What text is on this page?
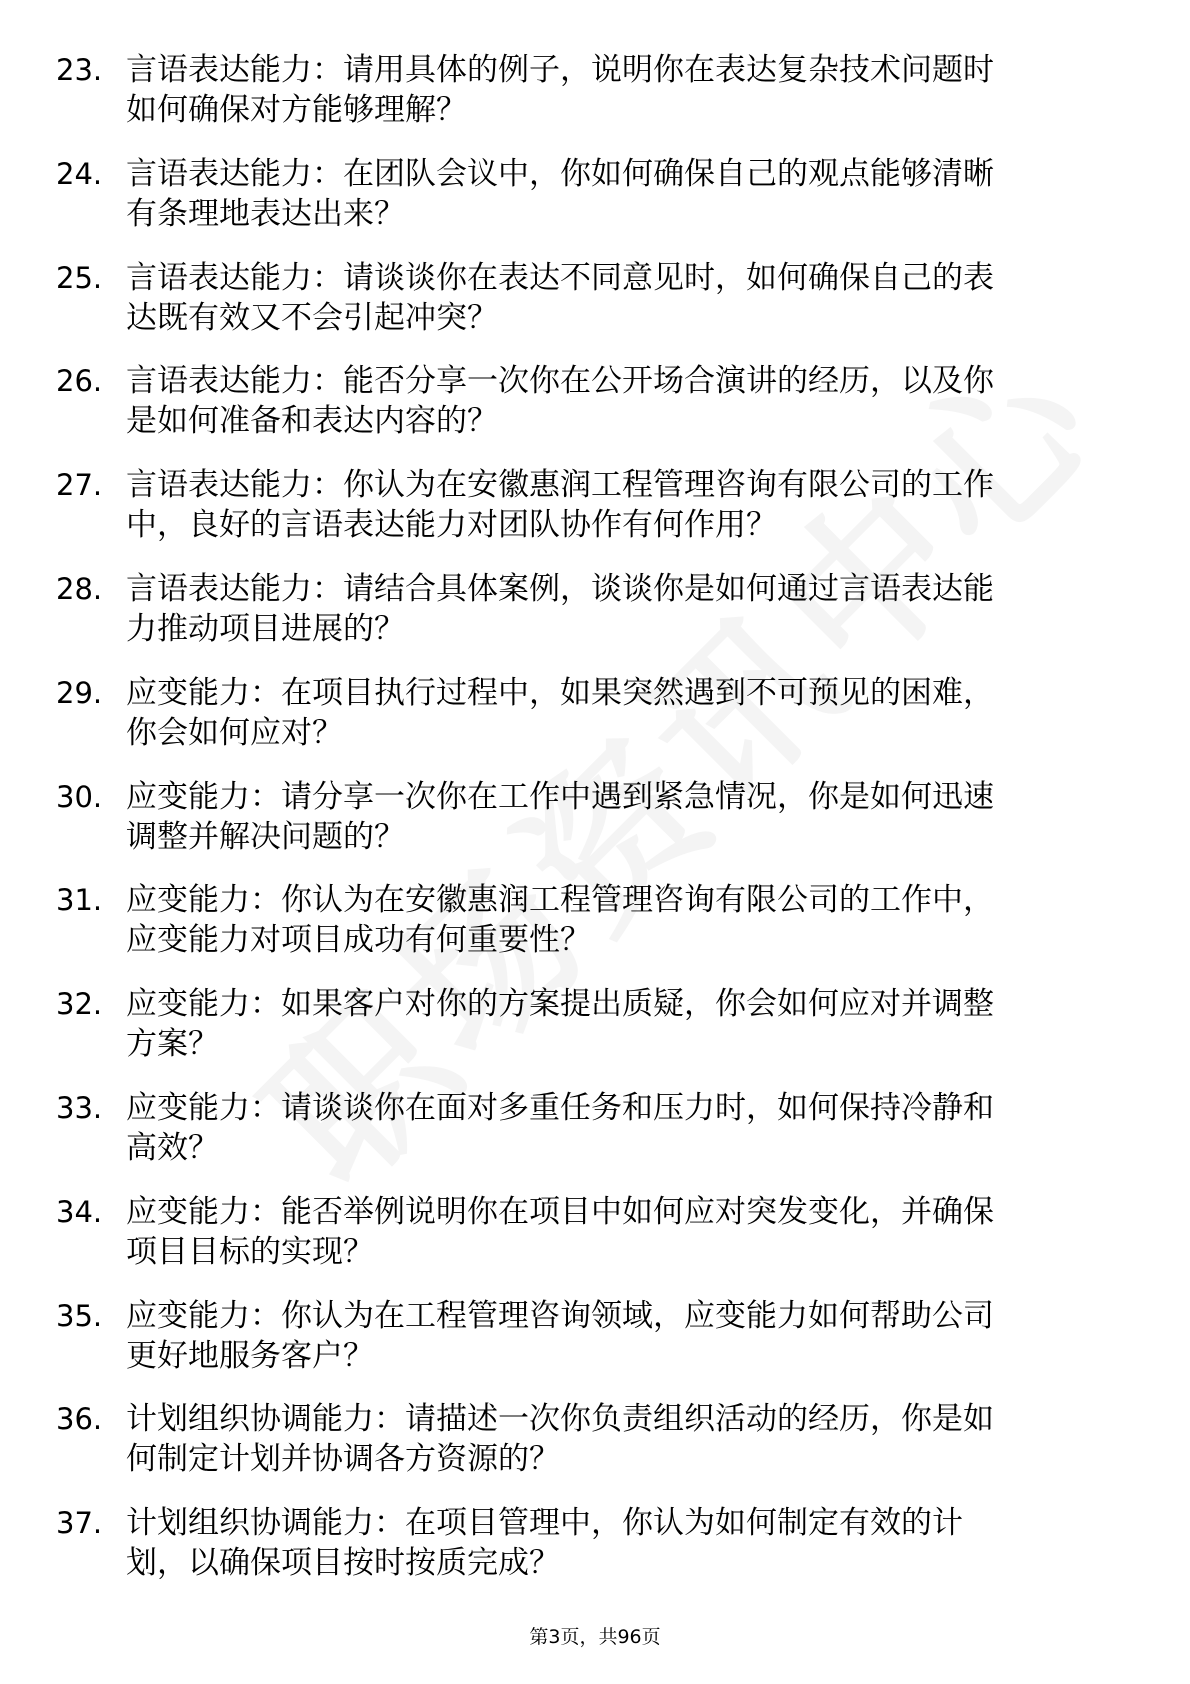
23. 言语表达能力：请用具体的例子，说明你在表达复杂技术问题时
如何确保对方能够理解？
24. 言语表达能力：在团队会议中，你如何确保自己的观点能够清晰
有条理地表达出来？
25. 言语表达能力：请谈谈你在表达不同意见时，如何确保自己的表
达既有效又不会引起冲突？
26. 言语表达能力：能否分享一次你在公开场合演讲的经历，以及你
是如何准备和表达内容的？
27. 言语表达能力：你认为在安徽惠润工程管理咨询有限公司的工作
中，良好的言语表达能力对团队协作有何作用？
28. 言语表达能力：请结合具体案例，谈谈你是如何通过言语表达能
力推动项目进展的？
29. 应变能力：在项目执行过程中，如果突然遇到不可预见的困难，
你会如何应对？
30. 应变能力：请分享一次你在工作中遇到紧急情况，你是如何迅速
调整并解决问题的？
31. 应变能力：你认为在安徽惠润工程管理咨询有限公司的工作中，
应变能力对项目成功有何重要性？
32. 应变能力：如果客户对你的方案提出质疑，你会如何应对并调整
方案？
33. 应变能力：请谈谈你在面对多重任务和压力时，如何保持冷静和
高效？
34. 应变能力：能否举例说明你在项目中如何应对突发变化，并确保
项目目标的实现？
35. 应变能力：你认为在工程管理咨询领域，应变能力如何帮助公司
更好地服务客户？
36. 计划组织协调能力：请描述一次你负责组织活动的经历，你是如
何制定计划并协调各方资源的？
37. 计划组织协调能力：在项目管理中，你认为如何制定有效的计
划，以确保项目按时按质完成？
第3页，共96页
